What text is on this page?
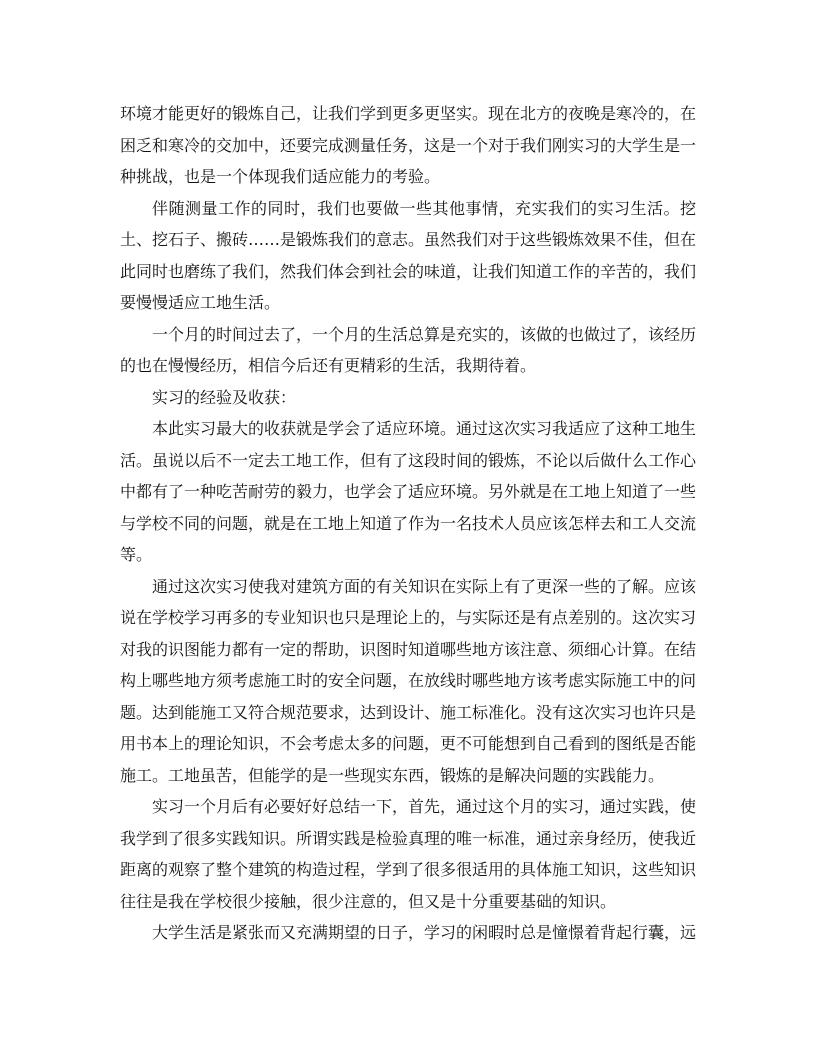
环境才能更好的锻炼自己，让我们学到更多更坚实。现在北方的夜晚是寒冷的，在困乏和寒冷的交加中，还要完成测量任务，这是一个对于我们刚实习的大学生是一种挑战，也是一个体现我们适应能力的考验。

伴随测量工作的同时，我们也要做一些其他事情，充实我们的实习生活。挖土、挖石子、搬砖……是锻炼我们的意志。虽然我们对于这些锻炼效果不佳，但在此同时也磨练了我们，然我们体会到社会的味道，让我们知道工作的辛苦的，我们要慢慢适应工地生活。

一个月的时间过去了，一个月的生活总算是充实的，该做的也做过了，该经历的也在慢慢经历，相信今后还有更精彩的生活，我期待着。

实习的经验及收获：

本此实习最大的收获就是学会了适应环境。通过这次实习我适应了这种工地生活。虽说以后不一定去工地工作，但有了这段时间的锻炼，不论以后做什么工作心中都有了一种吃苦耐劳的毅力，也学会了适应环境。另外就是在工地上知道了一些与学校不同的问题，就是在工地上知道了作为一名技术人员应该怎样去和工人交流等。

通过这次实习使我对建筑方面的有关知识在实际上有了更深一些的了解。应该说在学校学习再多的专业知识也只是理论上的，与实际还是有点差别的。这次实习对我的识图能力都有一定的帮助，识图时知道哪些地方该注意、须细心计算。在结构上哪些地方须考虑施工时的安全问题，在放线时哪些地方该考虑实际施工中的问题。达到能施工又符合规范要求，达到设计、施工标准化。没有这次实习也许只是用书本上的理论知识，不会考虑太多的问题，更不可能想到自己看到的图纸是否能施工。工地虽苦，但能学的是一些现实东西，锻炼的是解决问题的实践能力。

实习一个月后有必要好好总结一下，首先，通过这个月的实习，通过实践，使我学到了很多实践知识。所谓实践是检验真理的唯一标准，通过亲身经历，使我近距离的观察了整个建筑的构造过程，学到了很多很适用的具体施工知识，这些知识往往是我在学校很少接触，很少注意的，但又是十分重要基础的知识。

大学生活是紧张而又充满期望的日子，学习的闲暇时总是憧憬着背起行囊，远
